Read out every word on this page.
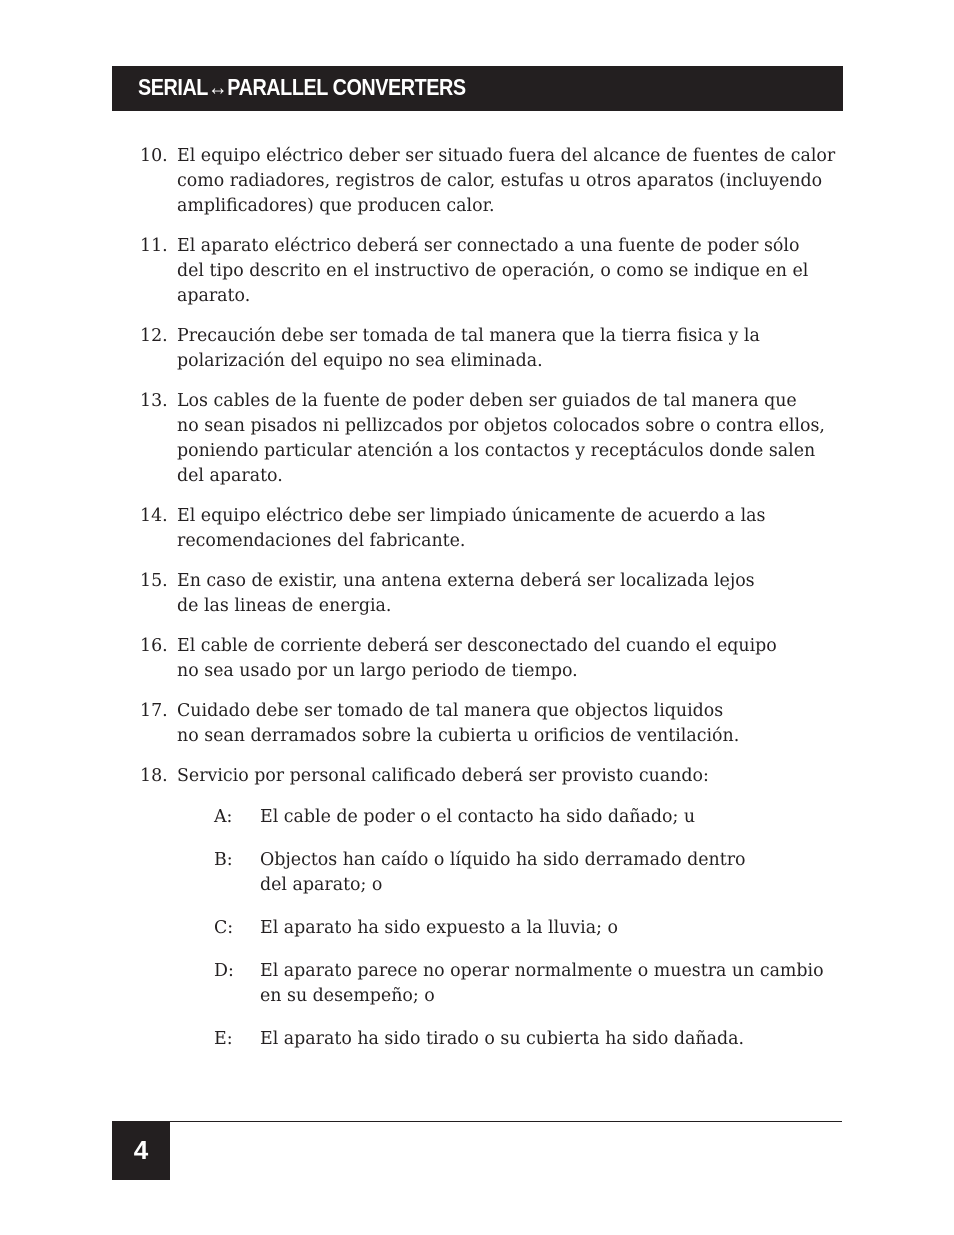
SERIAL↔PARALLEL CONVERTERS
10. El equipo eléctrico deber ser situado fuera del alcance de fuentes de calor
como radiadores, registros de calor, estufas u otros aparatos (incluyendo
amplificadores) que producen calor.
11. El aparato eléctrico deberá ser connectado a una fuente de poder sólo
del tipo descrito en el instructivo de operación, o como se indique en el
aparato.
12. Precaución debe ser tomada de tal manera que la tierra fisica y la
polarización del equipo no sea eliminada.
13. Los cables de la fuente de poder deben ser guiados de tal manera que
no sean pisados ni pellizcados por objetos colocados sobre o contra ellos,
poniendo particular atención a los contactos y receptáculos donde salen
del aparato.
14. El equipo eléctrico debe ser limpiado únicamente de acuerdo a las
recomendaciones del fabricante.
15. En caso de existir, una antena externa deberá ser localizada lejos
de las lineas de energia.
16. El cable de corriente deberá ser desconectado del cuando el equipo
no sea usado por un largo periodo de tiempo.
17. Cuidado debe ser tomado de tal manera que objectos liquidos
no sean derramados sobre la cubierta u orificios de ventilación.
18. Servicio por personal calificado deberá ser provisto cuando:
A:	El cable de poder o el contacto ha sido dañado; u
B:	Objectos han caído o líquido ha sido derramado dentro
del aparato; o
C:	El aparato ha sido expuesto a la lluvia; o
D:	El aparato parece no operar normalmente o muestra un cambio
en su desempeño; o
E:	El aparato ha sido tirado o su cubierta ha sido dañada.
4
